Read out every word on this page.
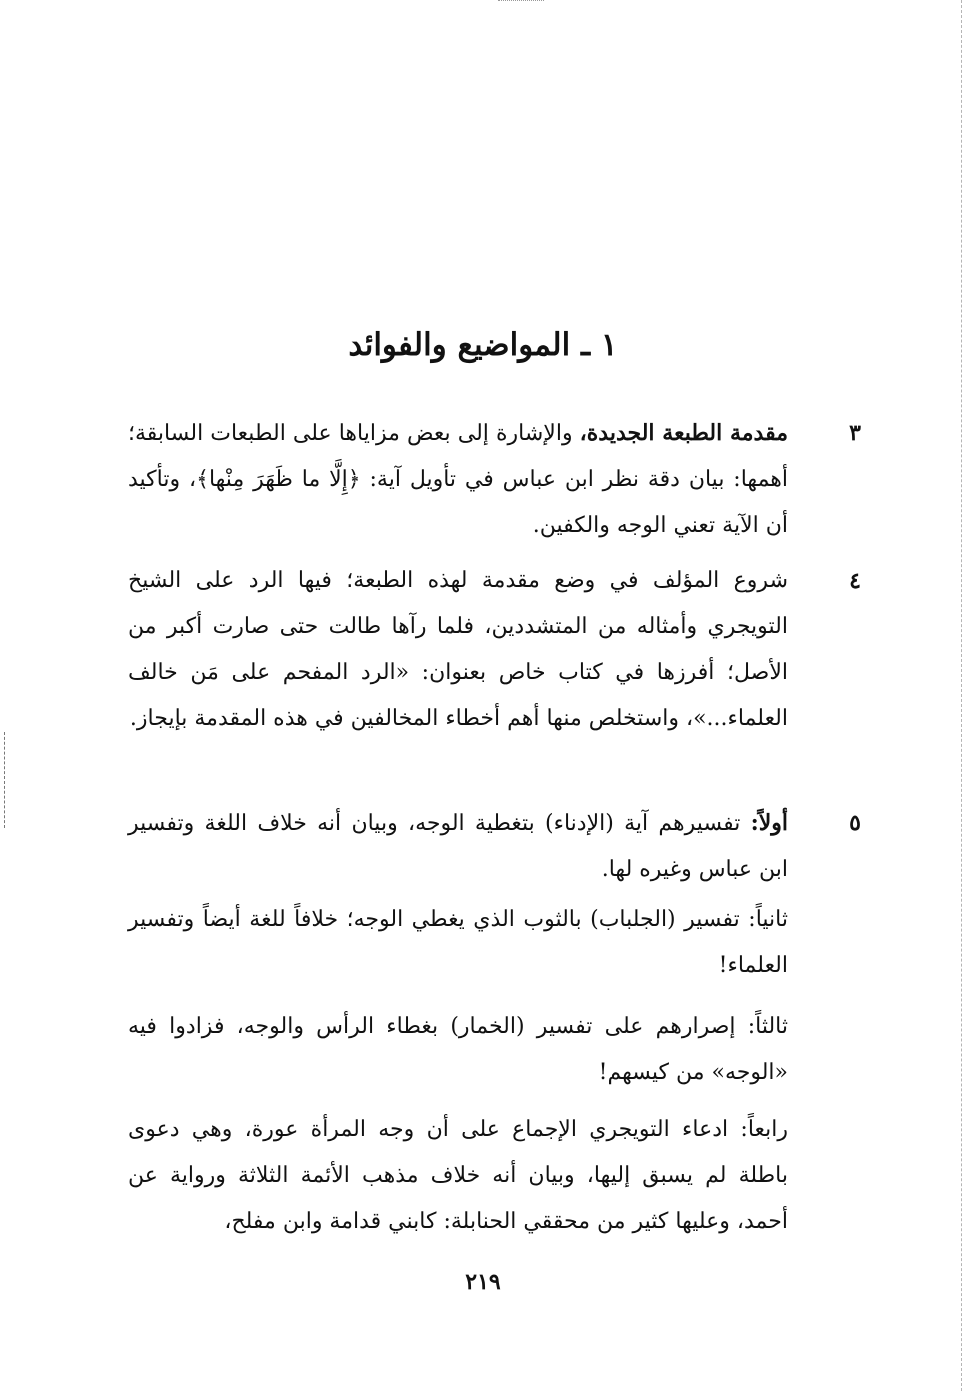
١ ـ المواضيع والفوائد
٣

مقدمة الطبعة الجديدة، والإشارة إلى بعض مزاياها على الطبعات السابقة؛ أهمها: بيان دقة نظر ابن عباس في تأويل آية: ﴿إِلَّا ما ظَهَرَ مِنْها﴾، وتأكيد أن الآية تعني الوجه والكفين.

٤

شروع المؤلف في وضع مقدمة لهذه الطبعة؛ فيها الرد على الشيخ التويجري وأمثاله من المتشددين، فلما رآها طالت حتى صارت أكبر من الأصل؛ أفرزها في كتاب خاص بعنوان: «الرد المفحم على مَن خالف العلماء...»، واستخلص منها أهم أخطاء المخالفين في هذه المقدمة بإيجاز.

٥

أولاً: تفسيرهم آية (الإدناء) بتغطية الوجه، وبيان أنه خلاف اللغة وتفسير ابن عباس وغيره لها.

ثانياً: تفسير (الجلباب) بالثوب الذي يغطي الوجه؛ خلافاً للغة أيضاً وتفسير العلماء!

ثالثاً: إصرارهم على تفسير (الخمار) بغطاء الرأس والوجه، فزادوا فيه «الوجه» من كيسهم!

رابعاً: ادعاء التويجري الإجماع على أن وجه المرأة عورة، وهي دعوى باطلة لم يسبق إليها، وبيان أنه خلاف مذهب الأئمة الثلاثة ورواية عن أحمد، وعليها كثير من محققي الحنابلة: كابني قدامة وابن مفلح،

٢١٩
